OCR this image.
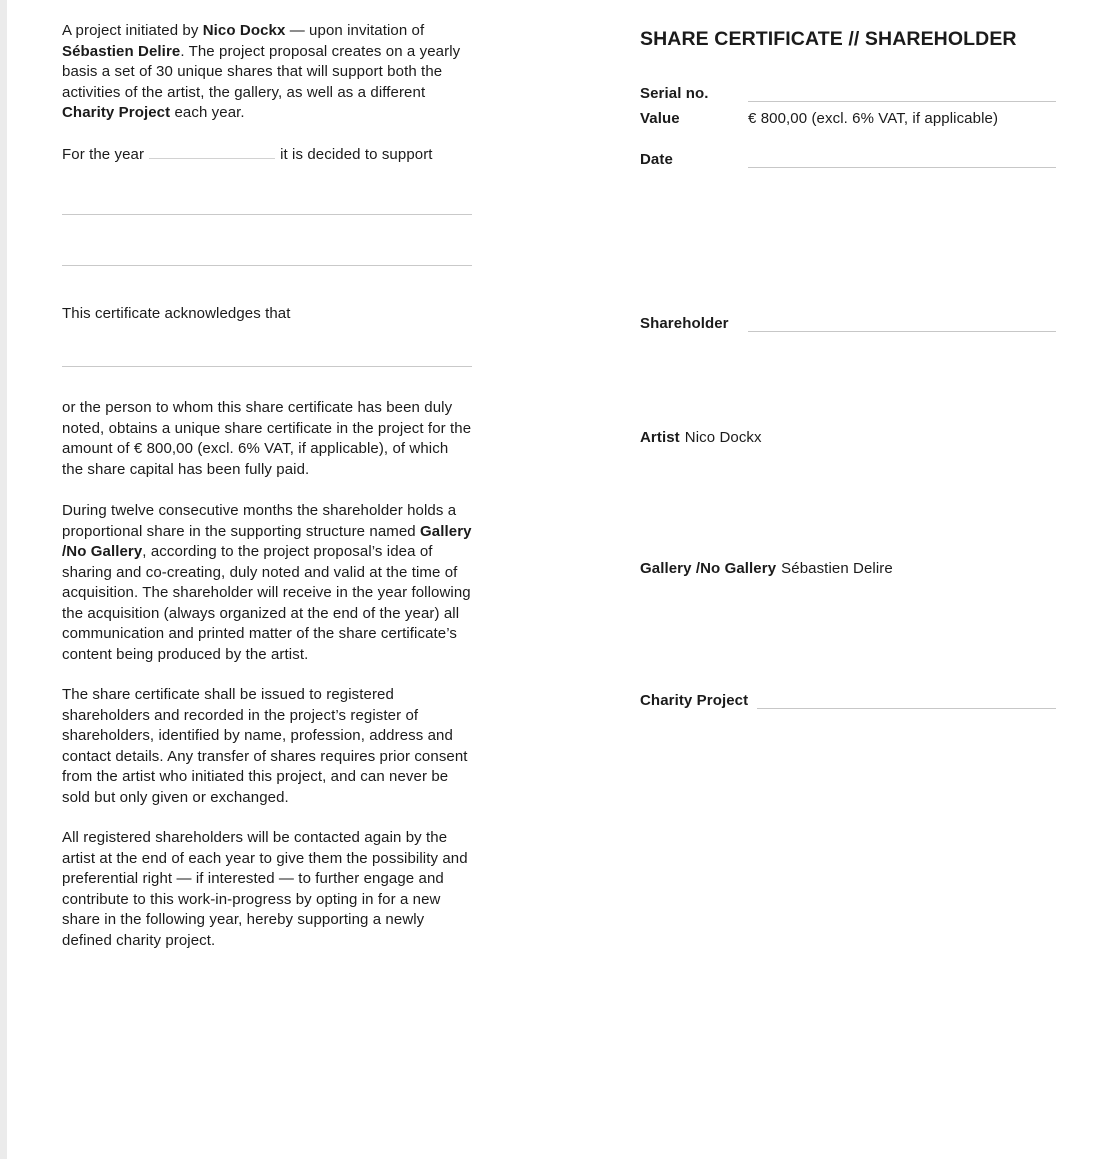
A project initiated by Nico Dockx — upon invitation of Sébastien Delire. The project proposal creates on a yearly basis a set of 30 unique shares that will support both the activities of the artist, the gallery, as well as a different Charity Project each year.

For the year	it is decided to support

This certificate acknowledges that

or the person to whom this share certificate has been duly noted, obtains a unique share certificate in the project for the amount of € 800,00 (excl. 6% VAT, if applicable), of which the share capital has been fully paid.

During twelve consecutive months the shareholder holds a proportional share in the supporting structure named Gallery /No Gallery, according to the project proposal’s idea of sharing and co-creating, duly noted and valid at the time of acquisition. The shareholder will receive in the year following the acquisition (always organized at the end of the year) all communication and printed matter of the share certificate’s content being produced by the artist.

The share certificate shall be issued to registered shareholders and recorded in the project’s register of shareholders, identified by name, profession, address and contact details. Any transfer of shares requires prior consent from the artist who initiated this project, and can never be sold but only given or exchanged.

All registered shareholders will be contacted again by the artist at the end of each year to give them the possibility and preferential right — if interested — to further engage and contribute to this work-in-progress by opting in for a new share in the following year, hereby supporting a newly defined charity project.

SHARE CERTIFICATE // SHAREHOLDER
Serial no.
Value	€ 800,00 (excl. 6% VAT, if applicable)
Date
Shareholder
Artist Nico Dockx
Gallery /No Gallery Sébastien Delire
Charity Project
